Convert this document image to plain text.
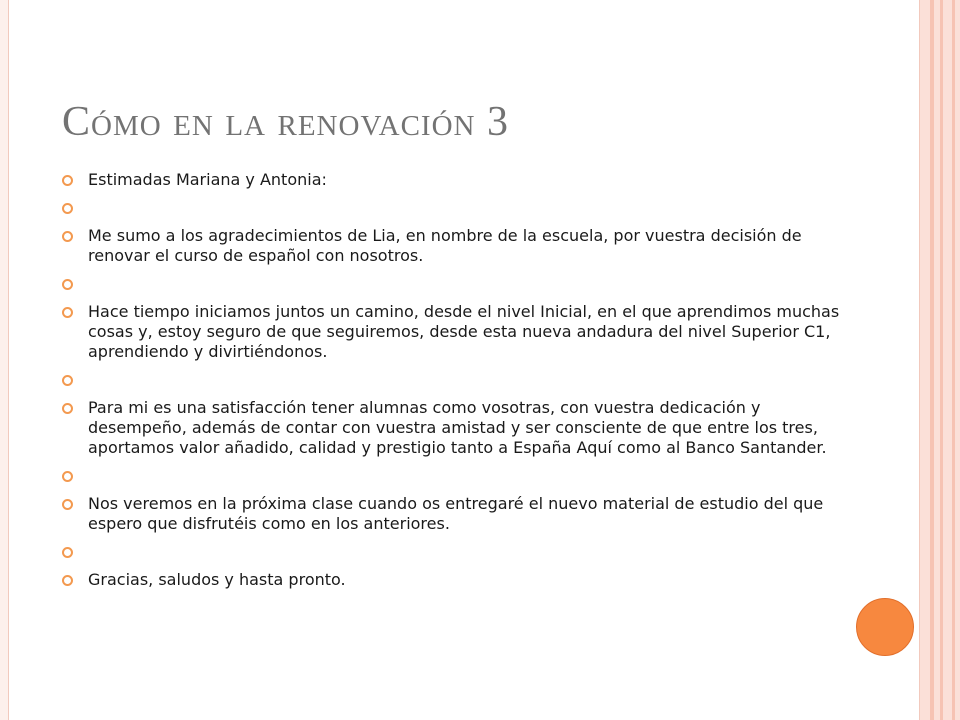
Cómo en la renovación 3
Estimadas Mariana y Antonia:
Me sumo a los agradecimientos de Lia, en nombre de la escuela, por vuestra decisión de renovar el curso de español con nosotros.
Hace tiempo iniciamos juntos un camino, desde el nivel Inicial, en el que aprendimos muchas cosas y, estoy seguro de que seguiremos, desde esta nueva andadura del nivel Superior C1, aprendiendo y divirtiéndonos.
Para mi es una satisfacción tener alumnas como vosotras, con vuestra dedicación y desempeño, además de contar con vuestra amistad y ser consciente de que entre los tres, aportamos valor añadido, calidad y prestigio tanto a España Aquí como al Banco Santander.
Nos veremos en la próxima clase cuando os entregaré el nuevo material de estudio del que espero que disfrutéis como en los anteriores.
Gracias, saludos y hasta pronto.
